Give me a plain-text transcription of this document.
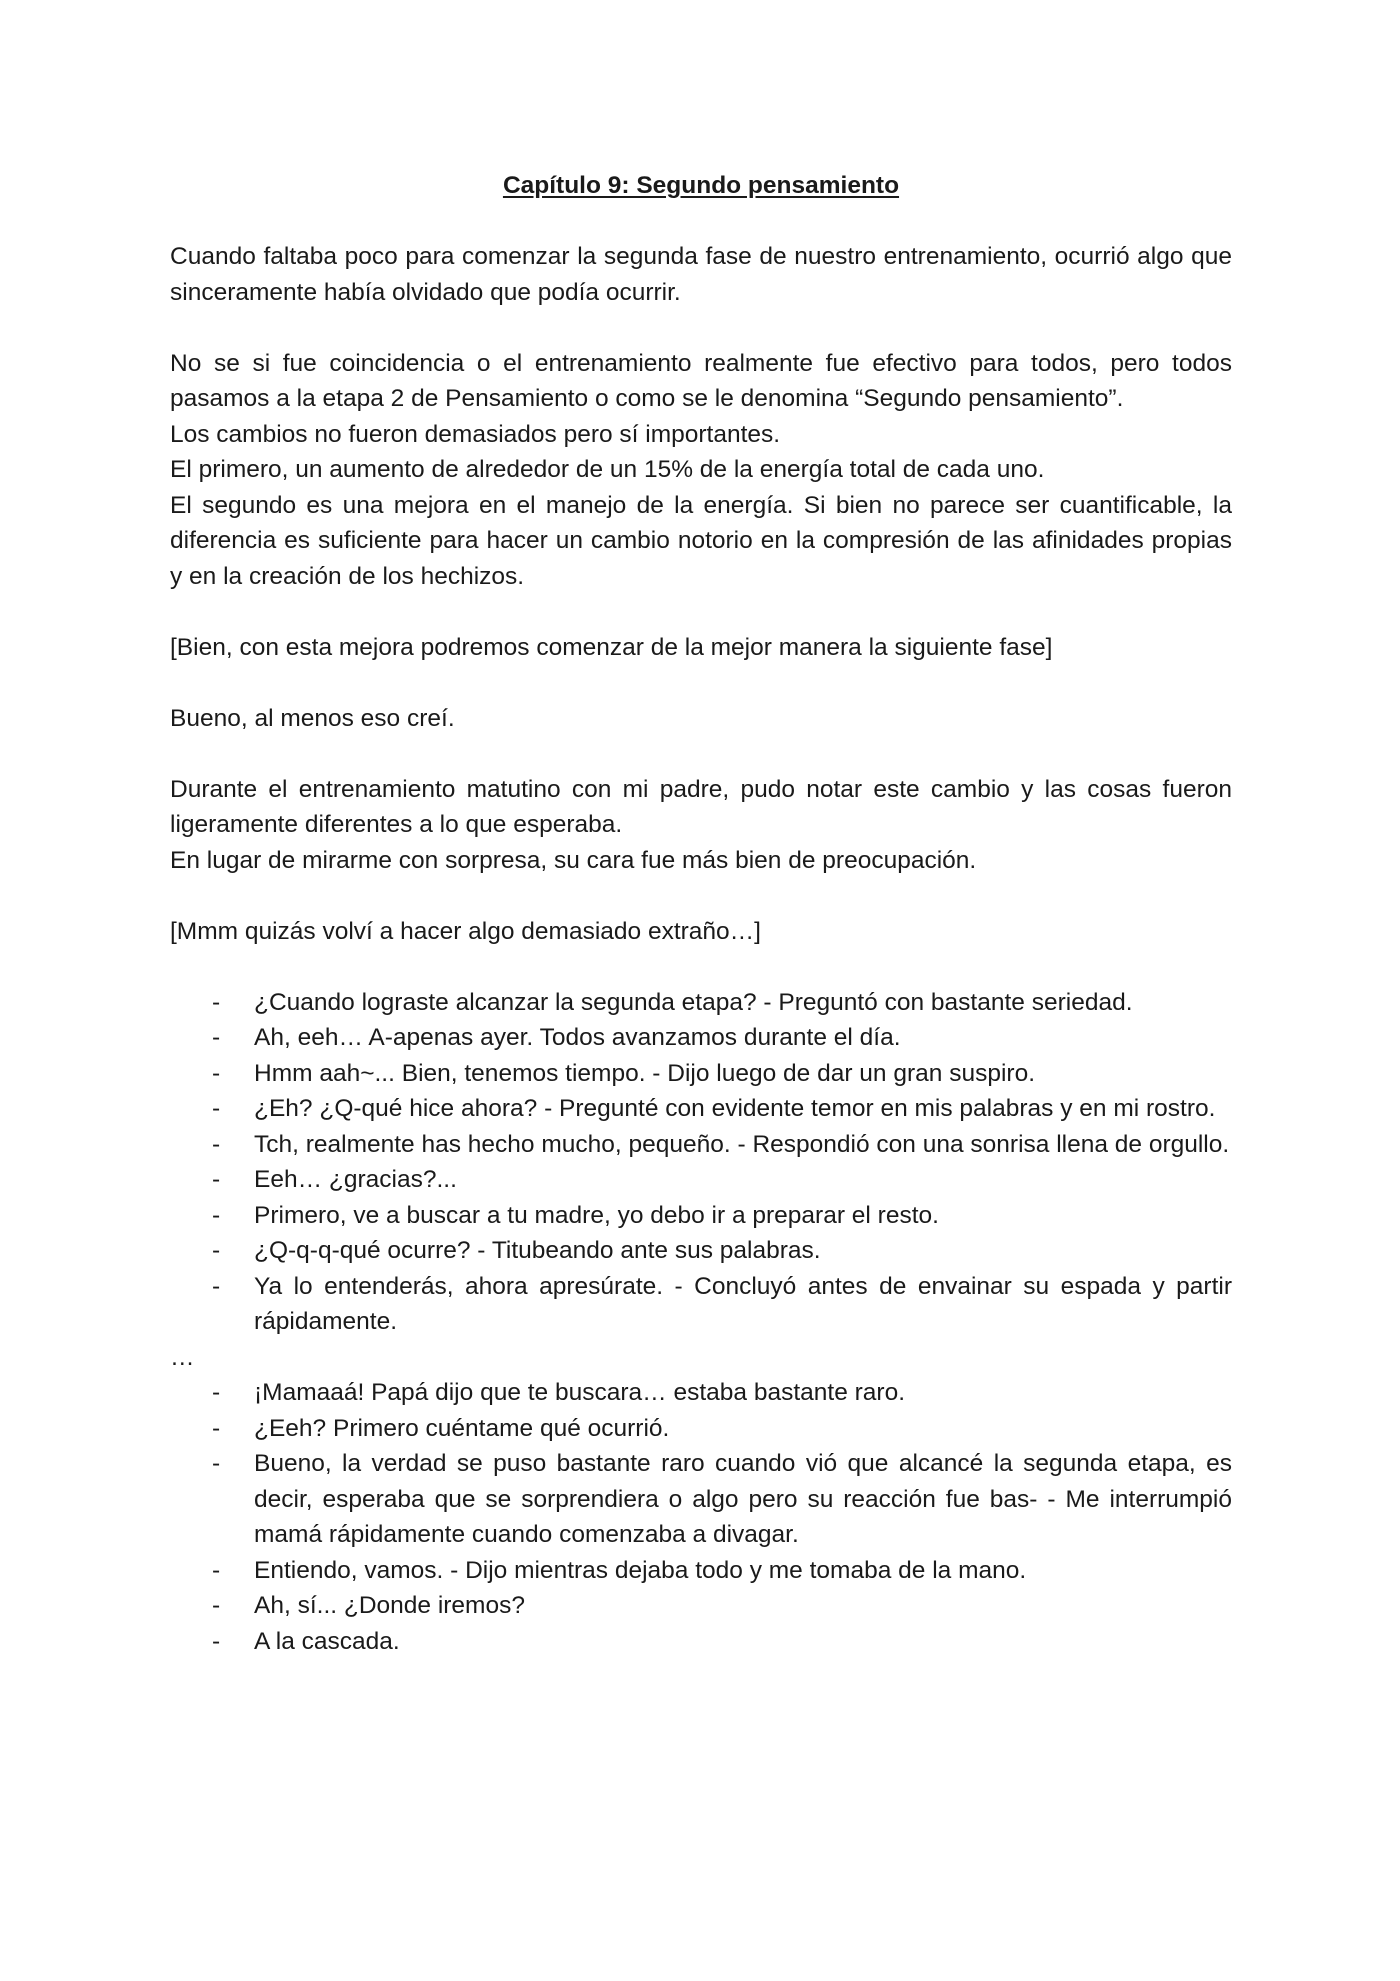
Capítulo 9: Segundo pensamiento

Cuando faltaba poco para comenzar la segunda fase de nuestro entrenamiento, ocurrió algo que sinceramente había olvidado que podía ocurrir.

No se si fue coincidencia o el entrenamiento realmente fue efectivo para todos, pero todos pasamos a la etapa 2 de Pensamiento o como se le denomina “Segundo pensamiento”.

Los cambios no fueron demasiados pero sí importantes.

El primero, un aumento de alrededor de un 15% de la energía total de cada uno.

El segundo es una mejora en el manejo de la energía. Si bien no parece ser cuantificable, la diferencia es suficiente para hacer un cambio notorio en la compresión de las afinidades propias y en la creación de los hechizos.

[Bien, con esta mejora podremos comenzar de la mejor manera la siguiente fase]

Bueno, al menos eso creí.

Durante el entrenamiento matutino con mi padre, pudo notar este cambio y las cosas fueron ligeramente diferentes a lo que esperaba.

En lugar de mirarme con sorpresa, su cara fue más bien de preocupación.

[Mmm quizás volví a hacer algo demasiado extraño…]

- ¿Cuando lograste alcanzar la segunda etapa? - Preguntó con bastante seriedad.
- Ah, eeh… A-apenas ayer. Todos avanzamos durante el día.
- Hmm aah~... Bien, tenemos tiempo. - Dijo luego de dar un gran suspiro.
- ¿Eh? ¿Q-qué hice ahora? - Pregunté con evidente temor en mis palabras y en mi rostro.
- Tch, realmente has hecho mucho, pequeño. - Respondió con una sonrisa llena de orgullo.
- Eeh… ¿gracias?...
- Primero, ve a buscar a tu madre, yo debo ir a preparar el resto.
- ¿Q-q-q-qué ocurre? - Titubeando ante sus palabras.
- Ya lo entenderás, ahora apresúrate. - Concluyó antes de envainar su espada y partir rápidamente.

…

- ¡Mamaaá! Papá dijo que te buscara… estaba bastante raro.
- ¿Eeh? Primero cuéntame qué ocurrió.
- Bueno, la verdad se puso bastante raro cuando vió que alcancé la segunda etapa, es decir, esperaba que se sorprendiera o algo pero su reacción fue bas- - Me interrumpió mamá rápidamente cuando comenzaba a divagar.
- Entiendo, vamos. - Dijo mientras dejaba todo y me tomaba de la mano.
- Ah, sí... ¿Donde iremos?
- A la cascada.
